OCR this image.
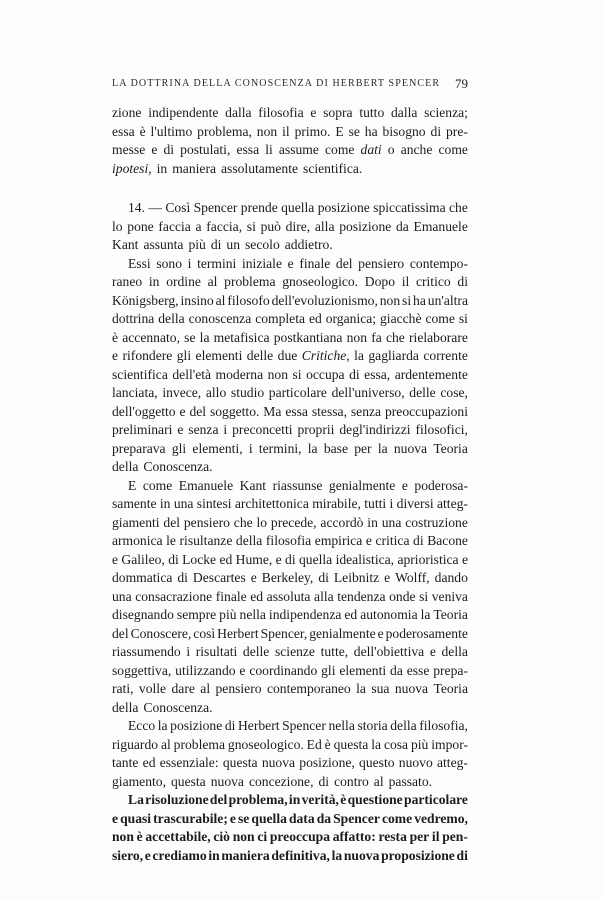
LA DOTTRINA DELLA CONOSCENZA DI HERBERT SPENCER 79
zione indipendente dalla filosofia e sopra tutto dalla scienza;
essa è l'ultimo problema, non il primo. E se ha bisogno di pre-
messe e di postulati, essa li assume come dati o anche come
ipotesi, in maniera assolutamente scientifica.
14. — Così Spencer prende quella posizione spiccatissima che
lo pone faccia a faccia, si può dire, alla posizione da Emanuele
Kant assunta più di un secolo addietro.
Essi sono i termini iniziale e finale del pensiero contempo-
raneo in ordine al problema gnoseologico. Dopo il critico di
Königsberg, insino al filosofo dell'evoluzionismo, non si ha un'altra
dottrina della conoscenza completa ed organica; giacchè come si
è accennato, se la metafisica postkantiana non fa che rielaborare
e rifondere gli elementi delle due Critiche, la gagliarda corrente
scientifica dell'età moderna non si occupa di essa, ardentemente
lanciata, invece, allo studio particolare dell'universo, delle cose,
dell'oggetto e del soggetto. Ma essa stessa, senza preoccupazioni
preliminari e senza i preconcetti proprii degl'indirizzi filosofici,
preparava gli elementi, i termini, la base per la nuova Teoria
della Conoscenza.
E come Emanuele Kant riassunse genialmente e poderosa-
samente in una sintesi architettonica mirabile, tutti i diversi atteg-
giamenti del pensiero che lo precede, accordò in una costruzione
armonica le risultanze della filosofia empirica e critica di Bacone
e Galileo, di Locke ed Hume, e di quella idealistica, aprioristica e
dommatica di Descartes e Berkeley, di Leibnitz e Wolff, dando
una consacrazione finale ed assoluta alla tendenza onde si veniva
disegnando sempre più nella indipendenza ed autonomia la Teoria
del Conoscere, così Herbert Spencer, genialmente e poderosamente
riassumendo i risultati delle scienze tutte, dell'obiettiva e della
soggettiva, utilizzando e coordinando gli elementi da esse prepa-
rati, volle dare al pensiero contemporaneo la sua nuova Teoria
della Conoscenza.
Ecco la posizione di Herbert Spencer nella storia della filosofia,
riguardo al problema gnoseologico. Ed è questa la cosa più impor-
tante ed essenziale: questa nuova posizione, questo nuovo atteg-
giamento, questa nuova concezione, di contro al passato.
La risoluzione del problema, in verità, è questione particolare
e quasi trascurabile; e se quella data da Spencer come vedremo,
non è accettabile, ciò non ci preoccupa affatto: resta per il pen-
siero, e crediamo in maniera definitiva, la nuova proposizione di
